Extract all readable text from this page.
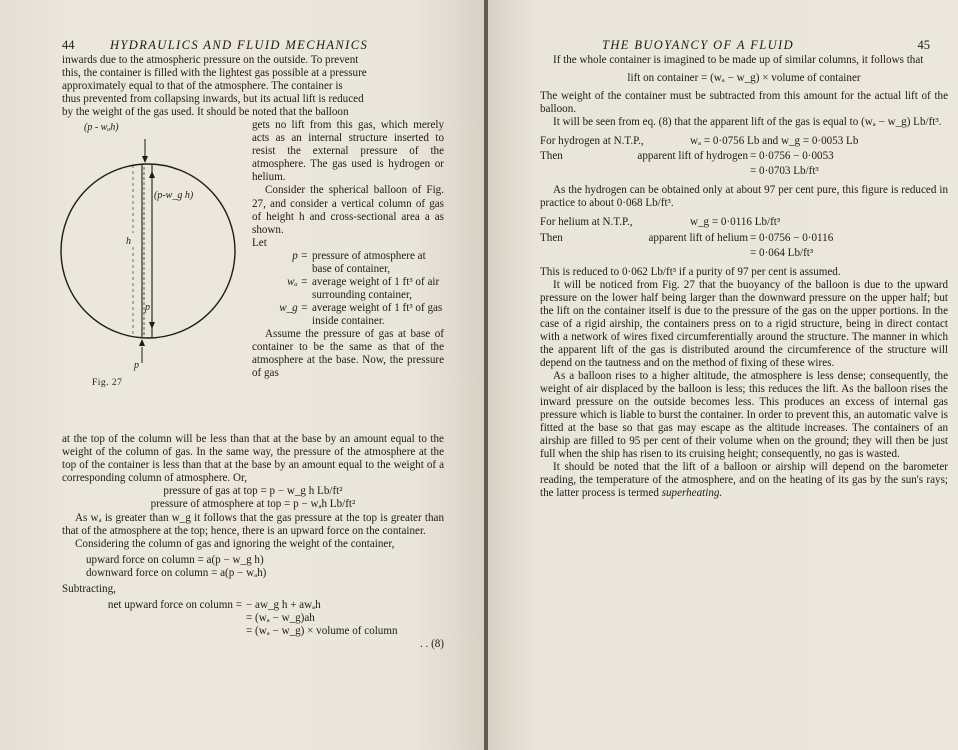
44	HYDRAULICS AND FLUID MECHANICS

inwards due to the atmospheric pressure on the outside. To prevent

this, the container is filled with the lightest gas possible at a pressure

approximately equal to that of the atmosphere. The container is

thus prevented from collapsing inwards, but its actual lift is reduced

by the weight of the gas used. It should be noted that the balloon

(p - wₐh)
(p-w_g h)
h
p
p
Fig. 27

gets no lift from this gas, which merely acts as an internal structure inserted to resist the external pressure of the atmosphere. The gas used is hydrogen or helium.

Consider the spherical balloon of Fig. 27, and consider a vertical column of gas of height h and cross-sectional area a as shown.

Let
p = pressure of atmosphere at base of container,
wₐ = average weight of 1 ft³ of air surrounding container,
w_g = average weight of 1 ft³ of gas inside container.

Assume the pressure of gas at base of container to be the same as that of the atmosphere at the base. Now, the pressure of gas

at the top of the column will be less than that at the base by an amount equal to the weight of the column of gas. In the same way, the pressure of the atmosphere at the top of the container is less than that at the base by an amount equal to the weight of a corresponding column of atmosphere. Or,

pressure of gas at top = p − w_g h Lb/ft²

pressure of atmosphere at top = p − wₐh Lb/ft²

As wₐ is greater than w_g it follows that the gas pressure at the top is greater than that of the atmosphere at the top; hence, there is an upward force on the container.

Considering the column of gas and ignoring the weight of the container,

upward force on column = a(p − w_g h)
downward force on column = a(p − wₐh)

Subtracting,

net upward force on column = − aw_g h + awₐh
= (wₐ − w_g)ah
= (wₐ − w_g) × volume of column
. . (8)
THE BUOYANCY OF A FLUID	45

If the whole container is imagined to be made up of similar columns, it follows that

lift on container = (wₐ − w_g) × volume of container

The weight of the container must be subtracted from this amount for the actual lift of the balloon.

It will be seen from eq. (8) that the apparent lift of the gas is equal to (wₐ − w_g) Lb/ft³.

For hydrogen at N.T.P.,	wₐ = 0·0756 Lb and w_g = 0·0053 Lb
Then	apparent lift of hydrogen = 0·0756 − 0·0053
= 0·0703 Lb/ft³

As the hydrogen can be obtained only at about 97 per cent pure, this figure is reduced in practice to about 0·068 Lb/ft³.

For helium at N.T.P.,	w_g = 0·0116 Lb/ft³
Then	apparent lift of helium = 0·0756 − 0·0116
= 0·064 Lb/ft³

This is reduced to 0·062 Lb/ft³ if a purity of 97 per cent is assumed.

It will be noticed from Fig. 27 that the buoyancy of the balloon is due to the upward pressure on the lower half being larger than the downward pressure on the upper half; but the lift on the container itself is due to the pressure of the gas on the upper portions. In the case of a rigid airship, the containers press on to a rigid structure, being in direct contact with a network of wires fixed circumferentially around the structure. The manner in which the apparent lift of the gas is distributed around the circumference of the structure will depend on the tautness and on the method of fixing of these wires.

As a balloon rises to a higher altitude, the atmosphere is less dense; consequently, the weight of air displaced by the balloon is less; this reduces the lift. As the balloon rises the inward pressure on the outside becomes less. This produces an excess of internal gas pressure which is liable to burst the container. In order to prevent this, an automatic valve is fitted at the base so that gas may escape as the altitude increases. The containers of an airship are filled to 95 per cent of their volume when on the ground; they will then be just full when the ship has risen to its cruising height; consequently, no gas is wasted.

It should be noted that the lift of a balloon or airship will depend on the barometer reading, the temperature of the atmosphere, and on the heating of its gas by the sun's rays; the latter process is termed superheating.
